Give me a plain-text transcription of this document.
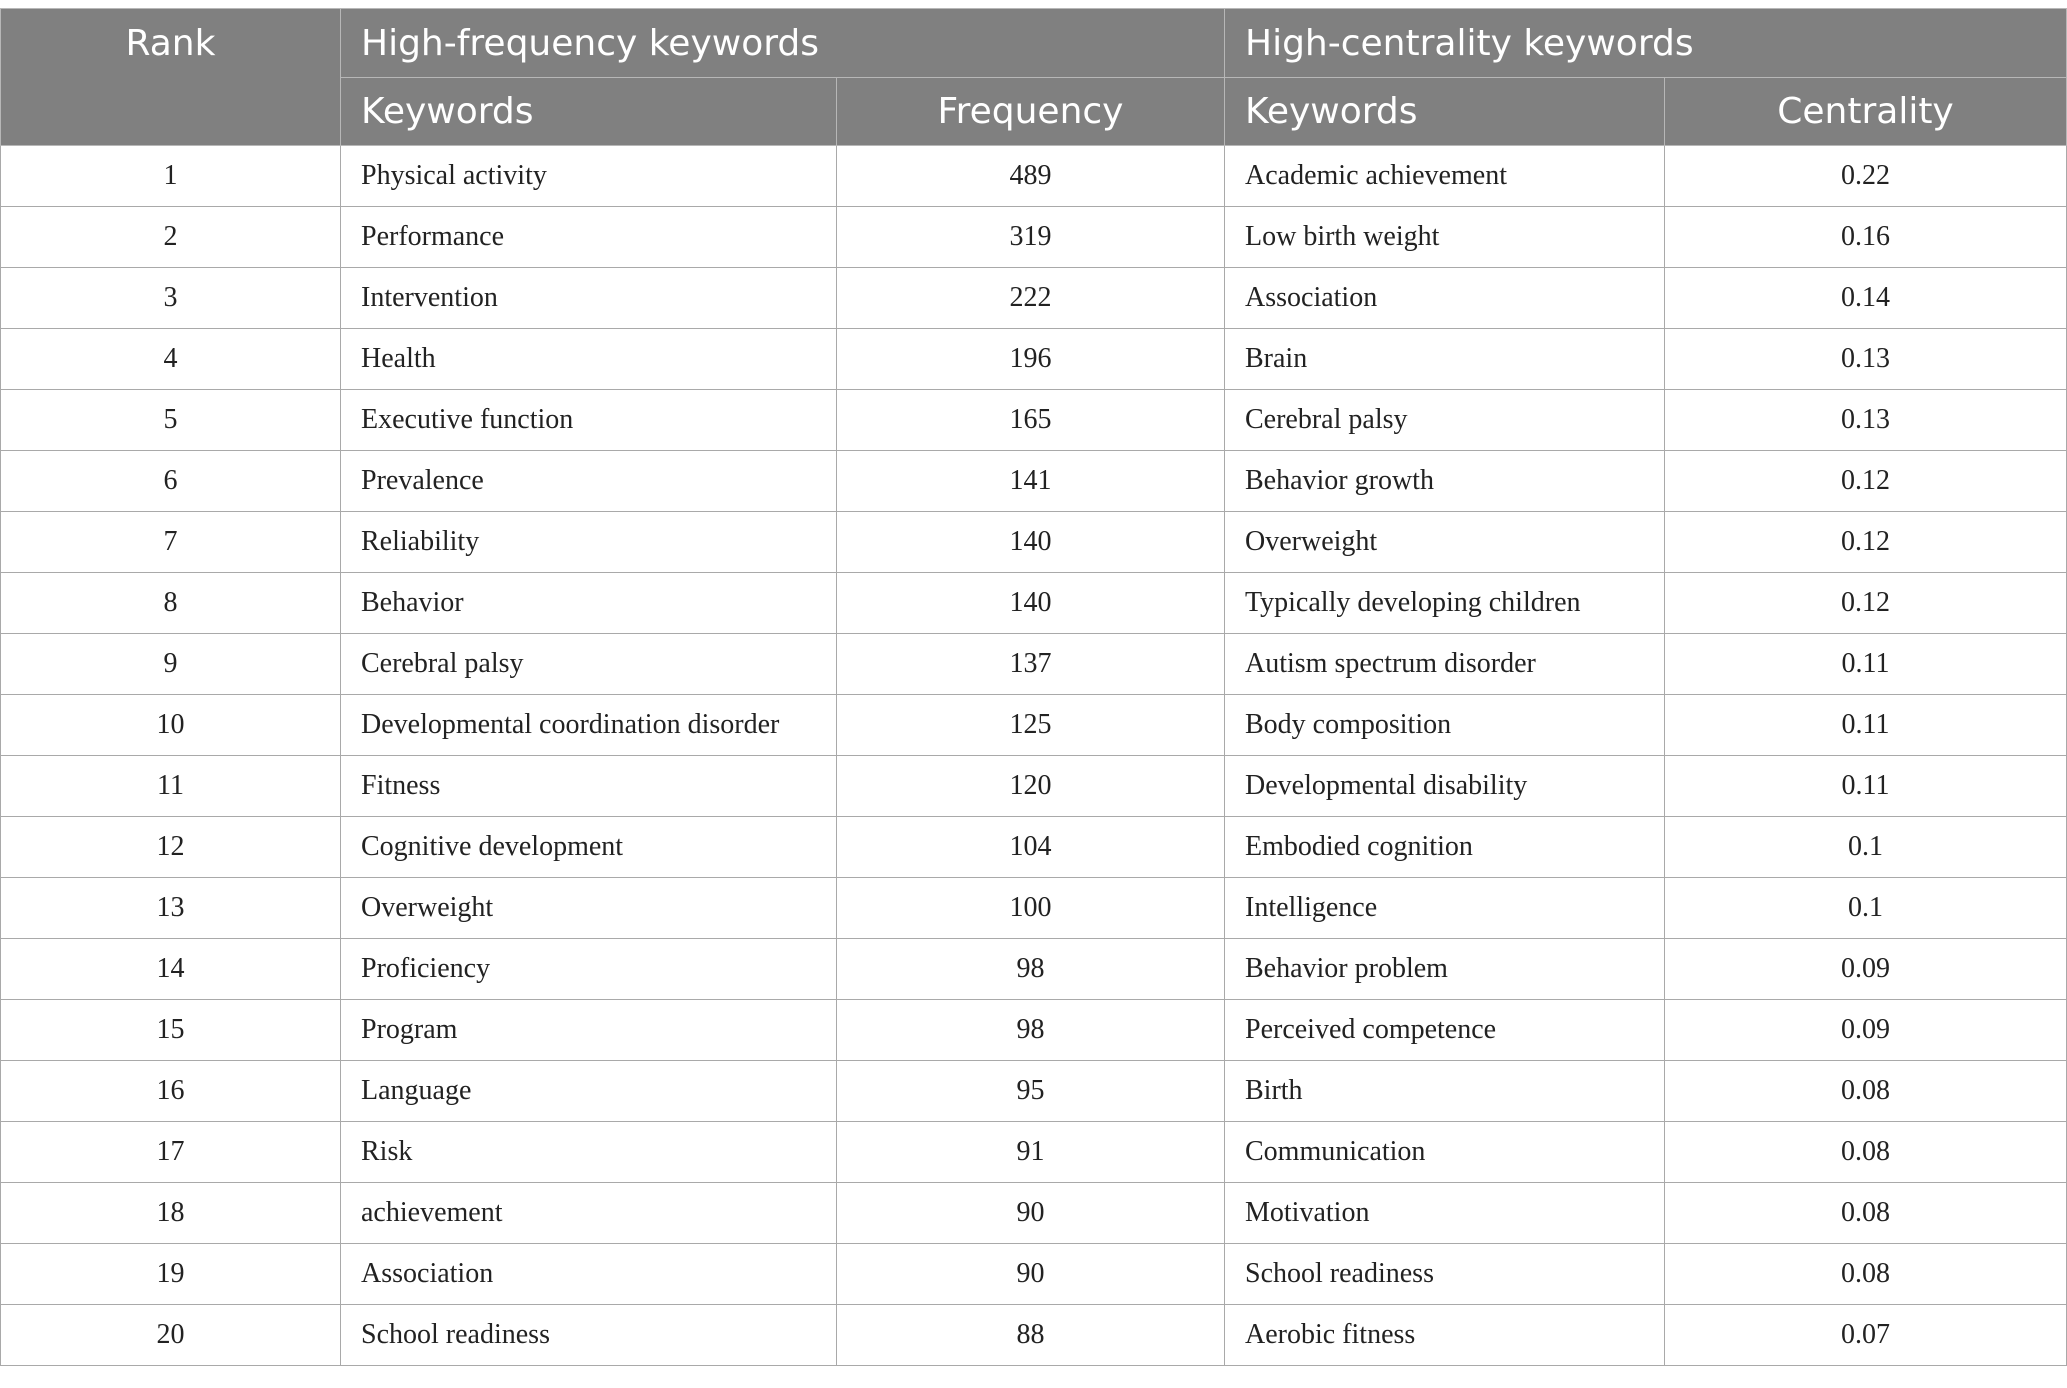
Rank	High-frequency keywords		High-centrality keywords	
	Keywords	Frequency	Keywords	Centrality
1	Physical activity	489	Academic achievement	0.22
2	Performance	319	Low birth weight	0.16
3	Intervention	222	Association	0.14
4	Health	196	Brain	0.13
5	Executive function	165	Cerebral palsy	0.13
6	Prevalence	141	Behavior growth	0.12
7	Reliability	140	Overweight	0.12
8	Behavior	140	Typically developing children	0.12
9	Cerebral palsy	137	Autism spectrum disorder	0.11
10	Developmental coordination disorder	125	Body composition	0.11
11	Fitness	120	Developmental disability	0.11
12	Cognitive development	104	Embodied cognition	0.1
13	Overweight	100	Intelligence	0.1
14	Proficiency	98	Behavior problem	0.09
15	Program	98	Perceived competence	0.09
16	Language	95	Birth	0.08
17	Risk	91	Communication	0.08
18	achievement	90	Motivation	0.08
19	Association	90	School readiness	0.08
20	School readiness	88	Aerobic fitness	0.07
